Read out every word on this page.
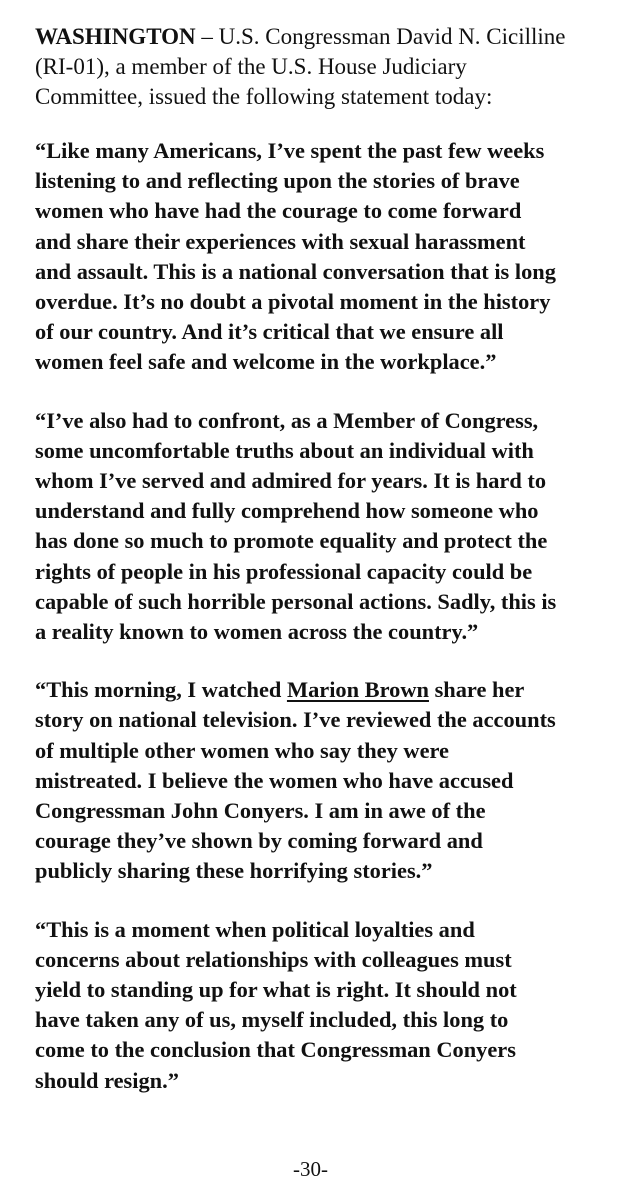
WASHINGTON – U.S. Congressman David N. Cicilline
(RI-01), a member of the U.S. House Judiciary
Committee, issued the following statement today:

“Like many Americans, I’ve spent the past few weeks
listening to and reflecting upon the stories of brave
women who have had the courage to come forward
and share their experiences with sexual harassment
and assault. This is a national conversation that is long
overdue. It’s no doubt a pivotal moment in the history
of our country. And it’s critical that we ensure all
women feel safe and welcome in the workplace.”

“I’ve also had to confront, as a Member of Congress,
some uncomfortable truths about an individual with
whom I’ve served and admired for years. It is hard to
understand and fully comprehend how someone who
has done so much to promote equality and protect the
rights of people in his professional capacity could be
capable of such horrible personal actions. Sadly, this is
a reality known to women across the country.”

“This morning, I watched Marion Brown share her
story on national television. I’ve reviewed the accounts
of multiple other women who say they were
mistreated. I believe the women who have accused
Congressman John Conyers. I am in awe of the
courage they’ve shown by coming forward and
publicly sharing these horrifying stories.”

“This is a moment when political loyalties and
concerns about relationships with colleagues must
yield to standing up for what is right. It should not
have taken any of us, myself included, this long to
come to the conclusion that Congressman Conyers
should resign.”

-30-
